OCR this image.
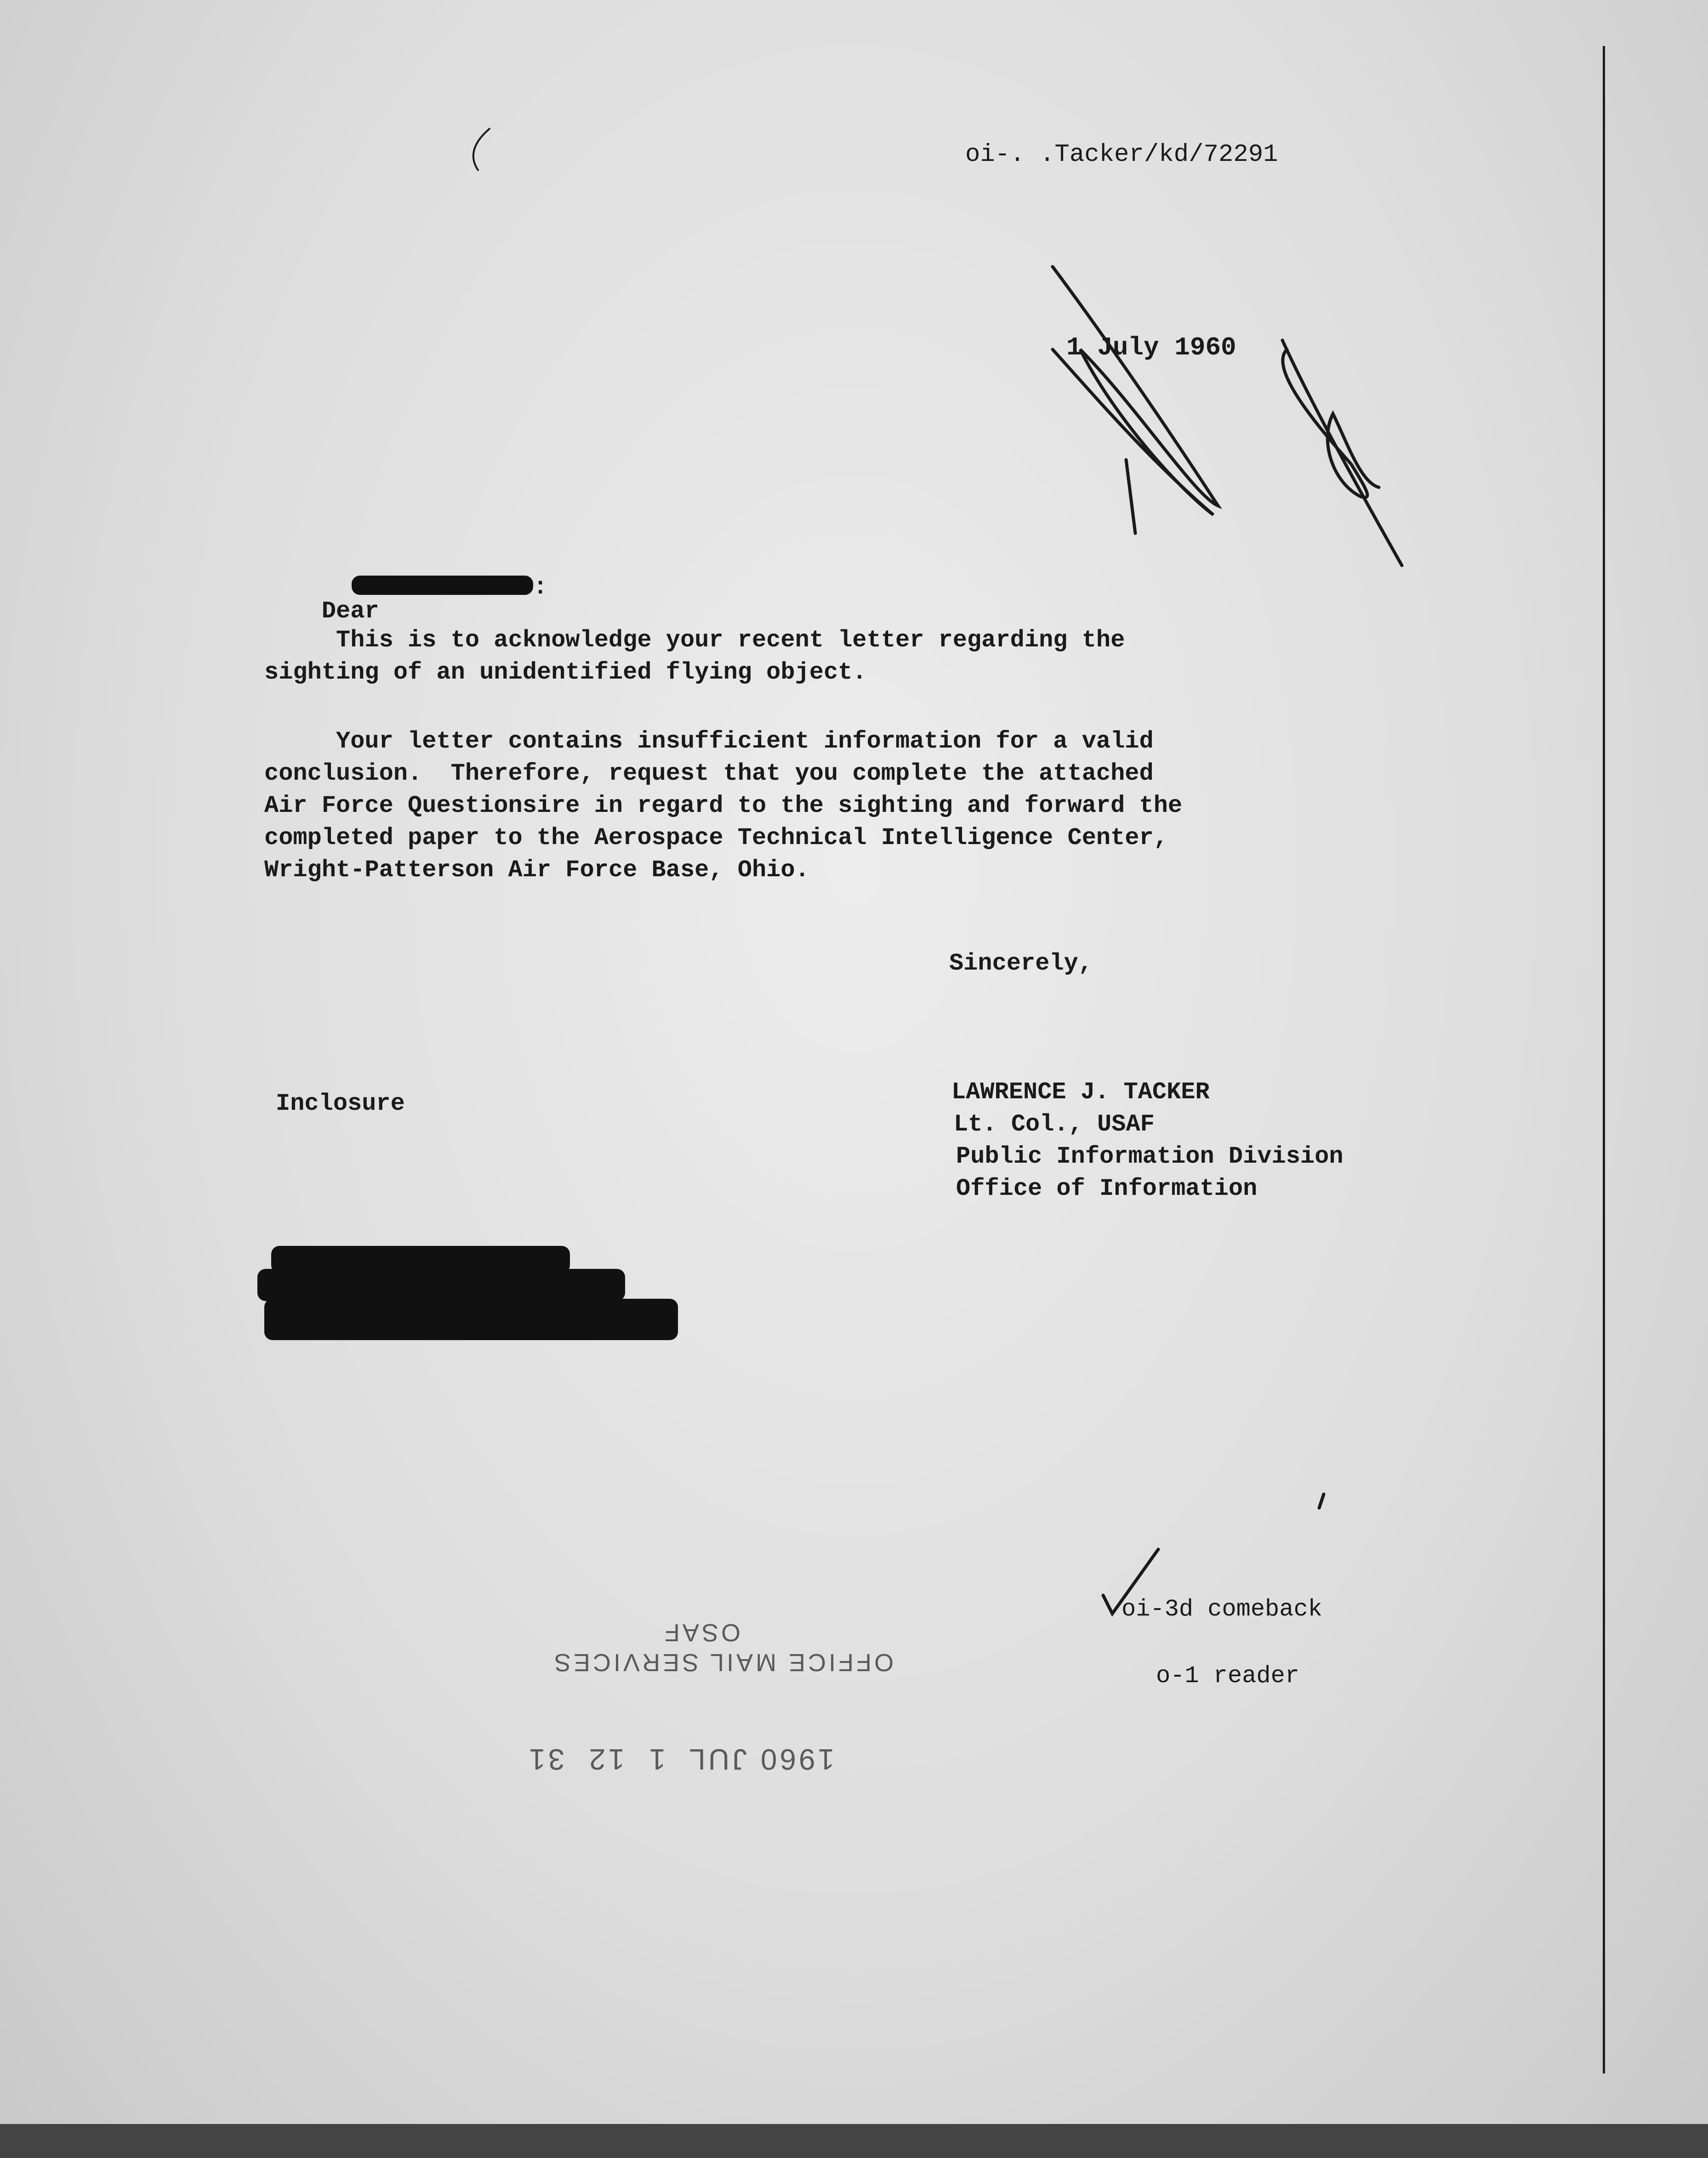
oi-. .Tacker/kd/72291
1 July 1960

Dear

:
This is to acknowledge your recent letter regarding the
sighting of an unidentified flying object.
Your letter contains insufficient information for a valid
conclusion.  Therefore, request that you complete the attached
Air Force Questionsire in regard to the sighting and forward the
completed paper to the Aerospace Technical Intelligence Center,
Wright-Patterson Air Force Base, Ohio.
Sincerely,
Inclosure	LAWRENCE J. TACKER
Lt. Col., USAF
Public Information Division
Office of Information
oi-3d comeback
o-1 reader
OSAF
OFFICE MAIL SERVICES
1960 JUL  1  12  31
